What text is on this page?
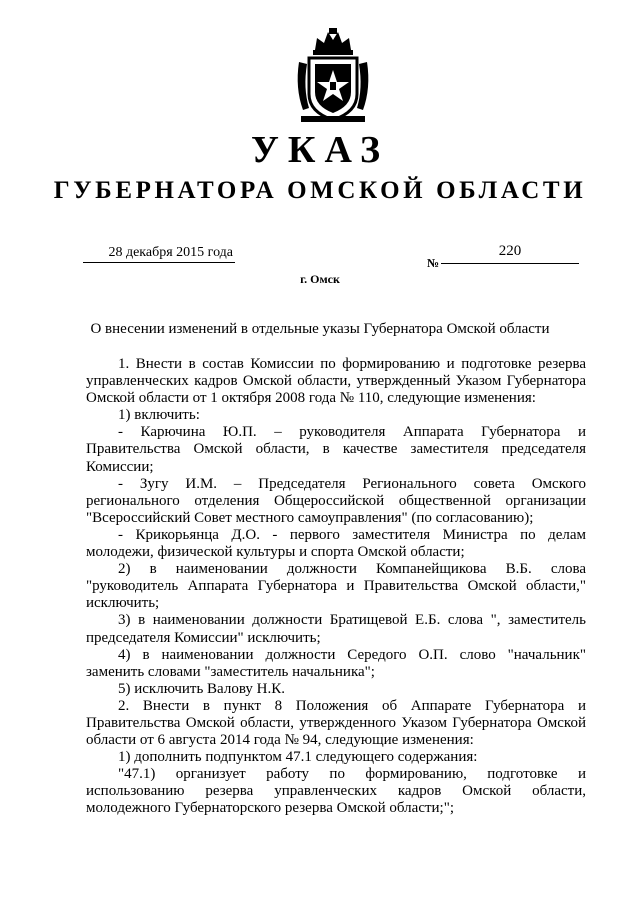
УКАЗ
ГУБЕРНАТОРА ОМСКОЙ ОБЛАСТИ
28 декабря 2015 года
№
220
г. Омск
О внесении изменений в отдельные указы Губернатора Омской области

1. Внести в состав Комиссии по формированию и подготовке резерва управленческих кадров Омской области, утвержденный Указом Губернатора Омской области от 1 октября 2008 года № 110, следующие изменения:

1) включить:

- Карючина Ю.П. – руководителя Аппарата Губернатора и Правительства Омской области, в качестве заместителя председателя Комиссии;

- Зугу И.М. – Председателя Регионального совета Омского регионального отделения Общероссийской общественной организации "Всероссийский Совет местного самоуправления" (по согласованию);

- Крикорьянца Д.О. - первого заместителя Министра по делам молодежи, физической культуры и спорта Омской области;

2) в наименовании должности Компанейщикова В.Б. слова "руководитель Аппарата Губернатора и Правительства Омской области," исключить;

3) в наименовании должности Братищевой Е.Б. слова ", заместитель председателя Комиссии" исключить;

4) в наименовании должности Середого О.П. слово "начальник" заменить словами "заместитель начальника";

5) исключить Валову Н.К.

2. Внести в пункт 8 Положения об Аппарате Губернатора и Правительства Омской области, утвержденного Указом Губернатора Омской области от 6 августа 2014 года № 94, следующие изменения:

1) дополнить подпунктом 47.1 следующего содержания:

"47.1) организует работу по формированию, подготовке и использованию резерва управленческих кадров Омской области, молодежного Губернаторского резерва Омской области;";
